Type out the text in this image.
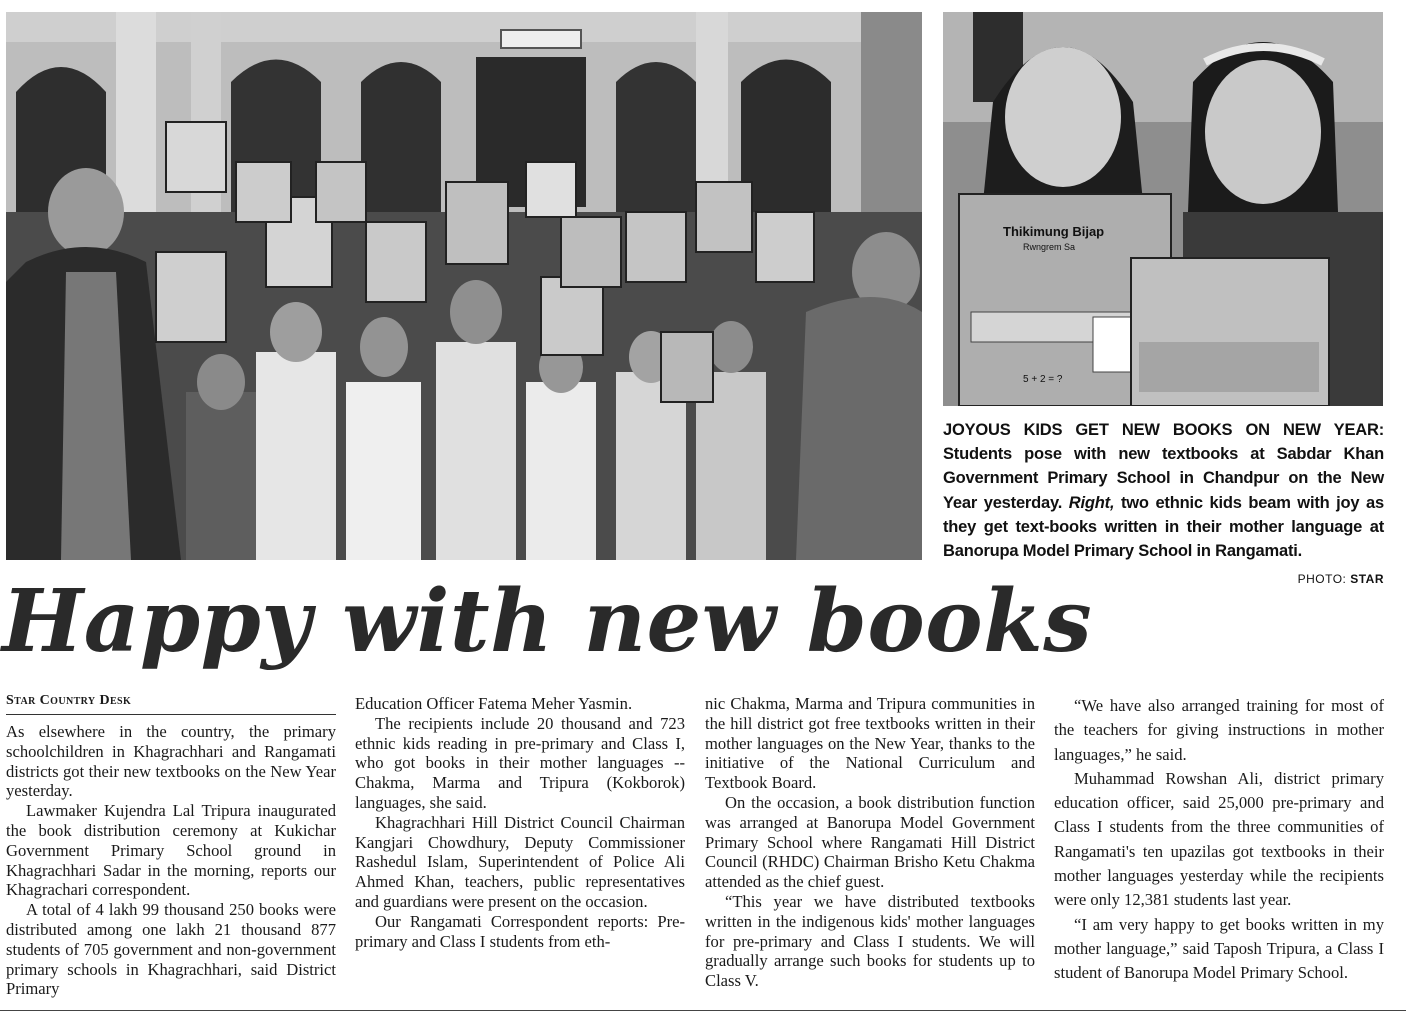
Thikimung Bijap
Rwngrem Sa
5 + 2 = ?
JOYOUS KIDS GET NEW BOOKS ON NEW YEAR: Students pose with new textbooks at Sabdar Khan Government Primary School in Chandpur on the New Year yesterday. Right, two ethnic kids beam with joy as they get text-books written in their mother language at Banorupa Model Primary School in Rangamati.
PHOTO: STAR
Happy with new books
Star Country Desk

As elsewhere in the country, the primary schoolchildren in Khagrachhari and Rangamati districts got their new textbooks on the New Year yesterday.

Lawmaker Kujendra Lal Tripura inaugurated the book distribution ceremony at Kukichar Government Primary School ground in Khagrachhari Sadar in the morning, reports our Khagrachari correspondent.

A total of 4 lakh 99 thousand 250 books were distributed among one lakh 21 thousand 877 students of 705 government and non-government primary schools in Khagrachhari, said District Primary

Education Officer Fatema Meher Yasmin.

The recipients include 20 thousand and 723 ethnic kids reading in pre-primary and Class I, who got books in their mother languages -- Chakma, Marma and Tripura (Kokborok) languages, she said.

Khagrachhari Hill District Council Chairman Kangjari Chowdhury, Deputy Commissioner Rashedul Islam, Superintendent of Police Ali Ahmed Khan, teachers, public representatives and guardians were present on the occasion.

Our Rangamati Correspondent reports: Pre-primary and Class I students from eth-

nic Chakma, Marma and Tripura communities in the hill district got free textbooks written in their mother languages on the New Year, thanks to the initiative of the National Curriculum and Textbook Board.

On the occasion, a book distribution function was arranged at Banorupa Model Government Primary School where Rangamati Hill District Council (RHDC) Chairman Brisho Ketu Chakma attended as the chief guest.

“This year we have distributed textbooks written in the indigenous kids' mother languages for pre-primary and Class I students. We will gradually arrange such books for students up to Class V.

“We have also arranged training for most of the teachers for giving instructions in mother languages,” he said.

Muhammad Rowshan Ali, district primary education officer, said 25,000 pre-primary and Class I students from the three communities of Rangamati's ten upazilas got textbooks in their mother languages yesterday while the recipients were only 12,381 students last year.

“I am very happy to get books written in my mother language,” said Taposh Tripura, a Class I student of Banorupa Model Primary School.
